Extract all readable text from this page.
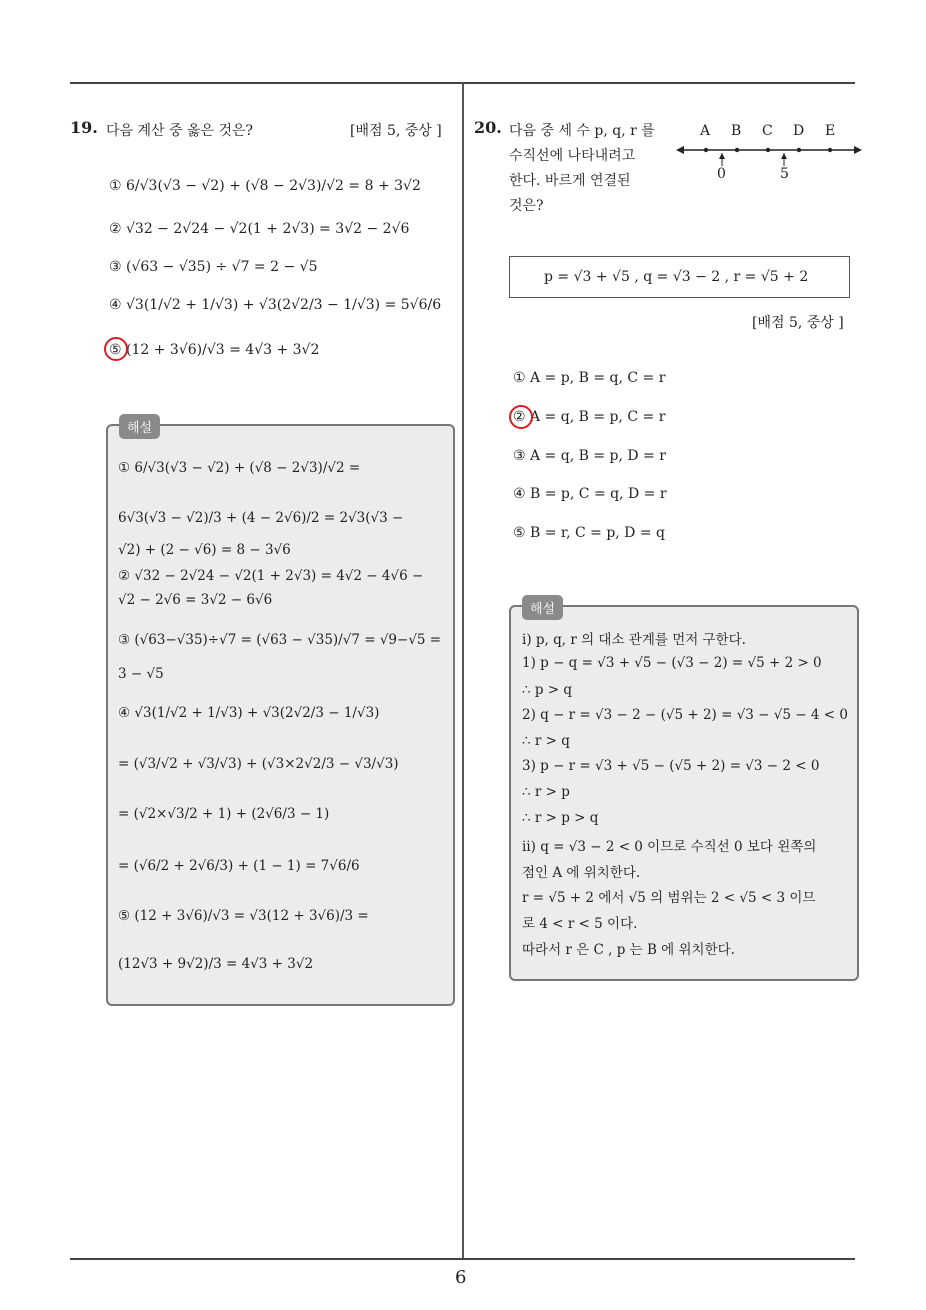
6
19. 다음 계산 중 옳은 것은?	[배점 5, 중상 ]
① 6/√3(√3 − √2) + (√8 − 2√3)/√2 = 8 + 3√2
② √32 − 2√24 − √2(1 + 2√3) = 3√2 − 2√6
③ (√63 − √35) ÷ √7 = 2 − √5
④ √3(1/√2 + 1/√3) + √3(2√2/3 − 1/√3) = 5√6/6
⑤ (12 + 3√6)/√3 = 4√3 + 3√2
해설
① 6/√3(√3 − √2) + (√8 − 2√3)/√2 =
6√3(√3 − √2)/3 + (4 − 2√6)/2 = 2√3(√3 −
√2) + (2 − √6) = 8 − 3√6
② √32 − 2√24 − √2(1 + 2√3) = 4√2 − 4√6 −
√2 − 2√6 = 3√2 − 6√6
③ (√63−√35)÷√7 = (√63 − √35)/√7 = √9−√5 =
3 − √5
④ √3(1/√2 + 1/√3) + √3(2√2/3 − 1/√3)
= (√3/√2 + √3/√3) + (√3×2√2/3 − √3/√3)
= (√2×√3/2 + 1) + (2√6/3 − 1)
= (√6/2 + 2√6/3) + (1 − 1) = 7√6/6
⑤ (12 + 3√6)/√3 = √3(12 + 3√6)/3 =
(12√3 + 9√2)/3 = 4√3 + 3√2
20. 다음 중 세 수 p, q, r 를
수직선에 나타내려고
한다. 바르게 연결된
것은?
A B C D E
0	5
p = √3 + √5 , q = √3 − 2 , r = √5 + 2
[배점 5, 중상 ]
① A = p, B = q, C = r
② A = q, B = p, C = r
③ A = q, B = p, D = r
④ B = p, C = q, D = r
⑤ B = r, C = p, D = q
해설
ⅰ) p, q, r 의 대소 관계를 먼저 구한다.
1) p − q = √3 + √5 − (√3 − 2) = √5 + 2 > 0
∴ p > q
2) q − r = √3 − 2 − (√5 + 2) = √3 − √5 − 4 < 0
∴ r > q
3) p − r = √3 + √5 − (√5 + 2) = √3 − 2 < 0
∴ r > p
∴ r > p > q
ⅱ) q = √3 − 2 < 0 이므로 수직선 0 보다 왼쪽의
점인 A 에 위치한다.
r = √5 + 2 에서 √5 의 범위는 2 < √5 < 3 이므
로 4 < r < 5 이다.
따라서 r 은 C , p 는 B 에 위치한다.
